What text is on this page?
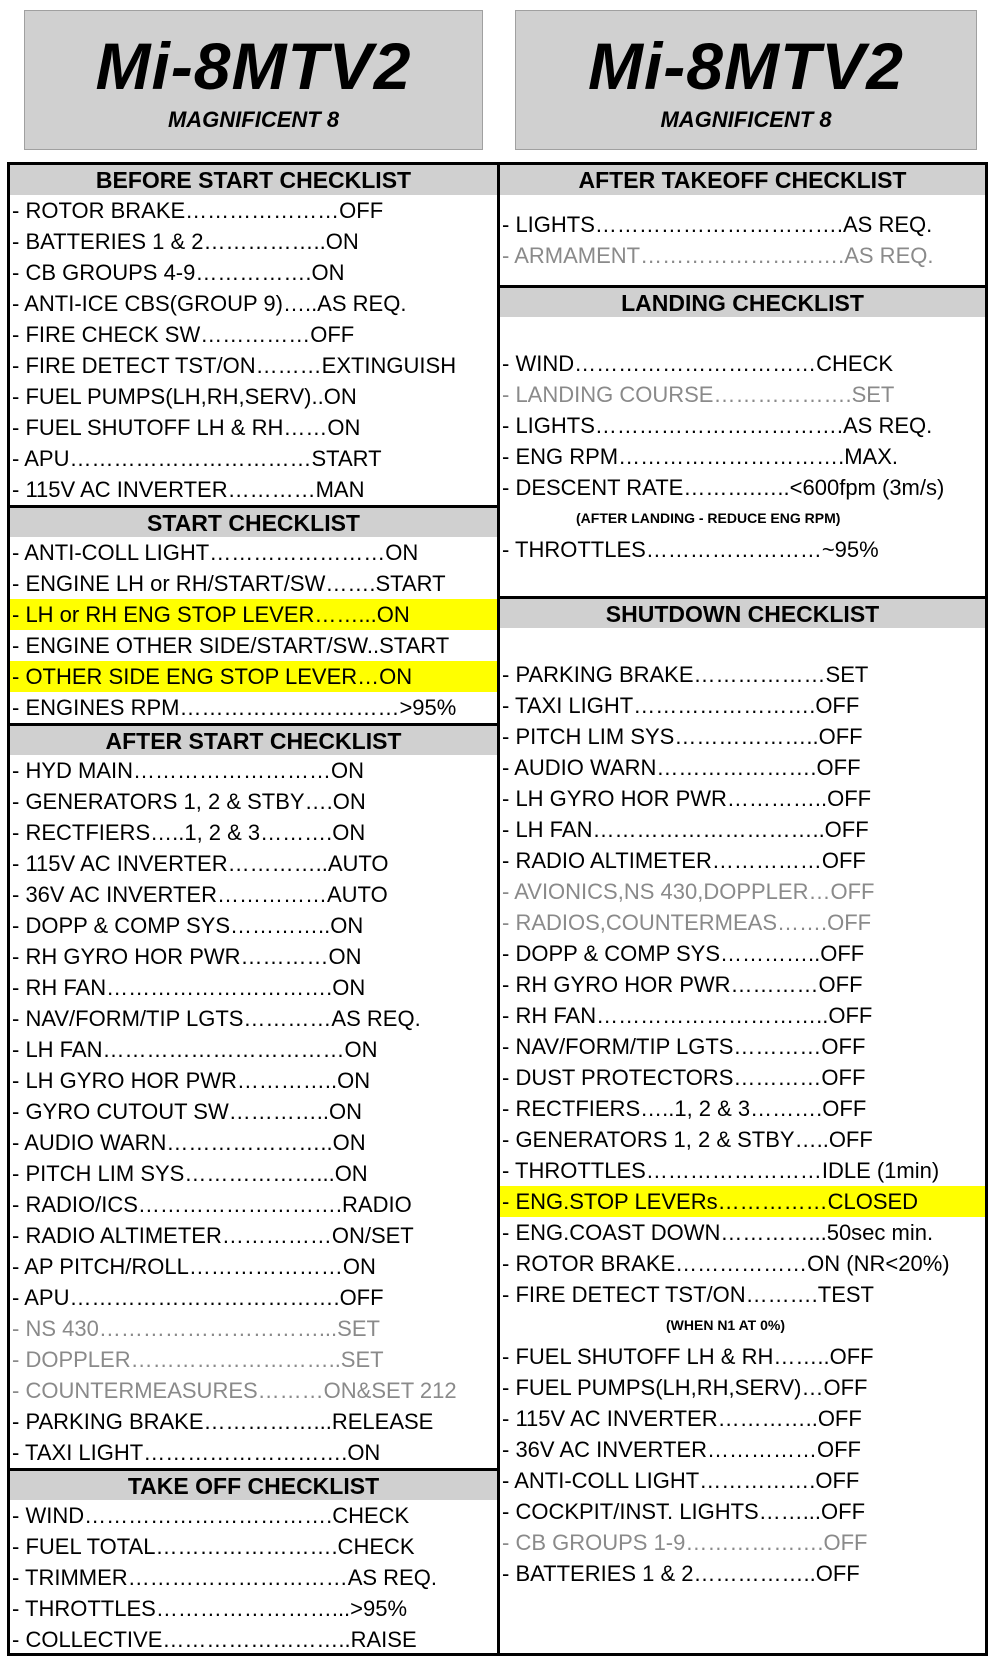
Mi-8MTV2
MAGNIFICENT 8
Mi-8MTV2
MAGNIFICENT 8
BEFORE START CHECKLIST
- ROTOR BRAKE…………………OFF
- BATTERIES 1 & 2……………..ON
- CB GROUPS 4-9…………….ON
- ANTI-ICE CBS(GROUP 9)…..AS REQ.
- FIRE CHECK SW……………OFF
- FIRE DETECT TST/ON………EXTINGUISH
- FUEL PUMPS(LH,RH,SERV)..ON
- FUEL SHUTOFF LH & RH……ON
- APU……………………………START
- 115V AC INVERTER…………MAN
START CHECKLIST
- ANTI-COLL LIGHT……………………ON
- ENGINE LH or RH/START/SW…….START
- LH or RH ENG STOP LEVER……...ON
- ENGINE OTHER SIDE/START/SW..START
- OTHER SIDE ENG STOP LEVER…ON
- ENGINES RPM…………………………>95%
AFTER START CHECKLIST
- HYD MAIN………………………ON
- GENERATORS 1, 2 & STBY….ON
- RECTFIERS…..1, 2 & 3……….ON
- 115V AC INVERTER…………..AUTO
- 36V AC INVERTER……………AUTO
- DOPP & COMP SYS…………..ON
- RH GYRO HOR PWR…………ON
- RH FAN………………………….ON
- NAV/FORM/TIP LGTS…………AS REQ.
- LH FAN……………………………ON
- LH GYRO HOR PWR…………..ON
- GYRO CUTOUT SW…………..ON
- AUDIO WARN…………………..ON
- PITCH LIM SYS………………...ON
- RADIO/ICS……………………….RADIO
- RADIO ALTIMETER……………ON/SET
- AP PITCH/ROLL…………………ON
- APU……………………………….OFF
- NS 430…………………………...SET
- DOPPLER………………………..SET
- COUNTERMEASURES………ON&SET 212
- PARKING BRAKE……………...RELEASE
- TAXI LIGHT……………………….ON
TAKE OFF CHECKLIST
- WIND…………………………….CHECK
- FUEL TOTAL…………………….CHECK
- TRIMMER…………………………AS REQ.
- THROTTLES……………………...>95%
- COLLECTIVE……………………..RAISE
AFTER TAKEOFF CHECKLIST
- LIGHTS…………………………….AS REQ.
- ARMAMENT……………………….AS REQ.
LANDING CHECKLIST
- WIND……………………………CHECK
- LANDING COURSE……………….SET
- LIGHTS…………………………….AS REQ.
- ENG RPM………………………….MAX.
- DESCENT RATE……….…..<600fpm (3m/s)
(AFTER LANDING - REDUCE ENG RPM)
- THROTTLES……………………~95%
SHUTDOWN CHECKLIST
- PARKING BRAKE………………SET
- TAXI LIGHT…………………….OFF
- PITCH LIM SYS………………..OFF
- AUDIO WARN………………….OFF
- LH GYRO HOR PWR…………..OFF
- LH FAN…………………………..OFF
- RADIO ALTIMETER……………OFF
- AVIONICS,NS 430,DOPPLER…OFF
- RADIOS,COUNTERMEAS…….OFF
- DOPP & COMP SYS…………..OFF
- RH GYRO HOR PWR…………OFF
- RH FAN…………………………..OFF
- NAV/FORM/TIP LGTS…………OFF
- DUST PROTECTORS…………OFF
- RECTFIERS…..1, 2 & 3……….OFF
- GENERATORS 1, 2 & STBY…..OFF
- THROTTLES……………………IDLE (1min)
- ENG.STOP LEVERs……………CLOSED
- ENG.COAST DOWN…………...50sec min.
- ROTOR BRAKE………………ON (NR<20%)
- FIRE DETECT TST/ON……….TEST
(WHEN N1 AT 0%)
- FUEL SHUTOFF LH & RH……..OFF
- FUEL PUMPS(LH,RH,SERV)…OFF
- 115V AC INVERTER…………..OFF
- 36V AC INVERTER……………OFF
- ANTI-COLL LIGHT…………….OFF
- COCKPIT/INST. LIGHTS……...OFF
- CB GROUPS 1-9……………….OFF
- BATTERIES 1 & 2……………..OFF
